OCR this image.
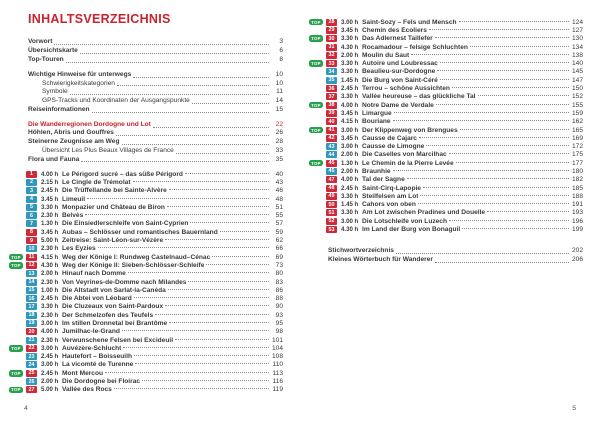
INHALTSVERZEICHNIS
Vorwort	3
Übersichtskarte	6
Top-Touren	8
Wichtige Hinweise für unterwegs	10
Schwierigkeitskategorien	10
Symbole	11
GPS-Tracks und Koordinaten der Ausgangspunkte	14
Reiseinformationen	15
Die Wanderregionen Dordogne und Lot	22
Höhlen, Abris und Gouffres	26
Steinerne Zeugnisse am Weg	28
Übersicht Les Plus Beaux Villages de France	33
Flora und Fauna	35
1	4.00 h Le Périgord sucré – das süße Périgord	40
2	2.15 h Le Cingle de Trémolat	43
3	2.45 h Die Trüffellande bei Sainte-Alvère	46
4	3.45 h Limeuil	48
5	3.30 h Monpazier und Château de Biron	51
6	2.30 h Belvès	55
7	1.30 h Die Einsiedlerschleife von Saint-Cyprien	57
8	3.45 h Aubas – Schlösser und romantisches Bauernland	59
9	5.00 h Zeitreise: Saint-Léon-sur-Vézère	62
10	2.30 h Les Eyzies	66
TOP	11	4.15 h Weg der Könige I: Rundweg Castelnaud–Cénac	69
TOP	12	4.30 h Weg der Könige II: Sieben-Schlösser-Schleife	73
13	2.00 h Hinauf nach Domme	80
14	2.30 h Von Veyrines-de-Domme nach Milandes	83
15	1.00 h Die Altstadt von Sarlat-la-Canéda	86
16	2.45 h Die Abtei von Léobard	88
17	3.30 h Die Cluzeaux von Saint-Pardoux	90
18	2.30 h Der Schmelzofen des Teufels	93
19	3.00 h Im stillen Dronnetal bei Brantôme	95
20	4.00 h Jumilhac-le-Grand	98
21	2.30 h Verwunschene Felsen bei Excideuil	101
TOP	22	3.00 h Auvézère-Schlucht	104
23	2.45 h Hautefort – Boisseuilh	108
24	3.00 h La vicomté de Turenne	110
TOP	25	2.45 h Mont Mercou	113
26	2.00 h Die Dordogne bei Floirac	116
TOP	27	5.00 h Vallée des Rocs	119
TOP	28	3.00 h Saint-Sozy – Fels und Mensch	124
29	3.45 h Chemin des Écoliers	127
TOP	30	3.30 h Das Adlernest Taillefer	130
31	4.30 h Rocamadour – felsige Schluchten	134
32	2.00 h Moulin du Saut	138
TOP	33	3.30 h Autoire und Loubressac	140
34	3.30 h Beaulieu-sur-Dordogne	145
35	1.45 h Die Burg von Saint-Céré	147
36	2.45 h Terrou – schöne Aussichten	150
37	3.30 h Vallée heureuse – das glückliche Tal	152
TOP	38	4.00 h Notre Dame de Verdale	155
39	3.45 h Limargue	159
40	4.15 h Bouriane	162
TOP	41	3.00 h Der Klippenweg von Brengues	165
42	3.45 h Causse de Cajarc	169
43	3.00 h Causse de Limogne	172
44	2.00 h Die Caselles von Marcilhac	175
TOP	45	1.30 h Le Chemin de la Pierre Levée	177
46	2.00 h Braunhie	180
47	4.00 h Tal der Sagne	182
48	2.45 h Saint-Cirq-Lapopie	185
49	3.30 h Steilfelsen am Lot	188
50	1.45 h Cahors von oben	191
51	3.30 h Am Lot zwischen Pradines und Douelle	193
52	3.00 h Die Lotschleife von Luzech	196
53	4.30 h Im Land der Burg von Bonaguil	199
Stichwortverzeichnis	202
Kleines Wörterbuch für Wanderer	206
4	5
